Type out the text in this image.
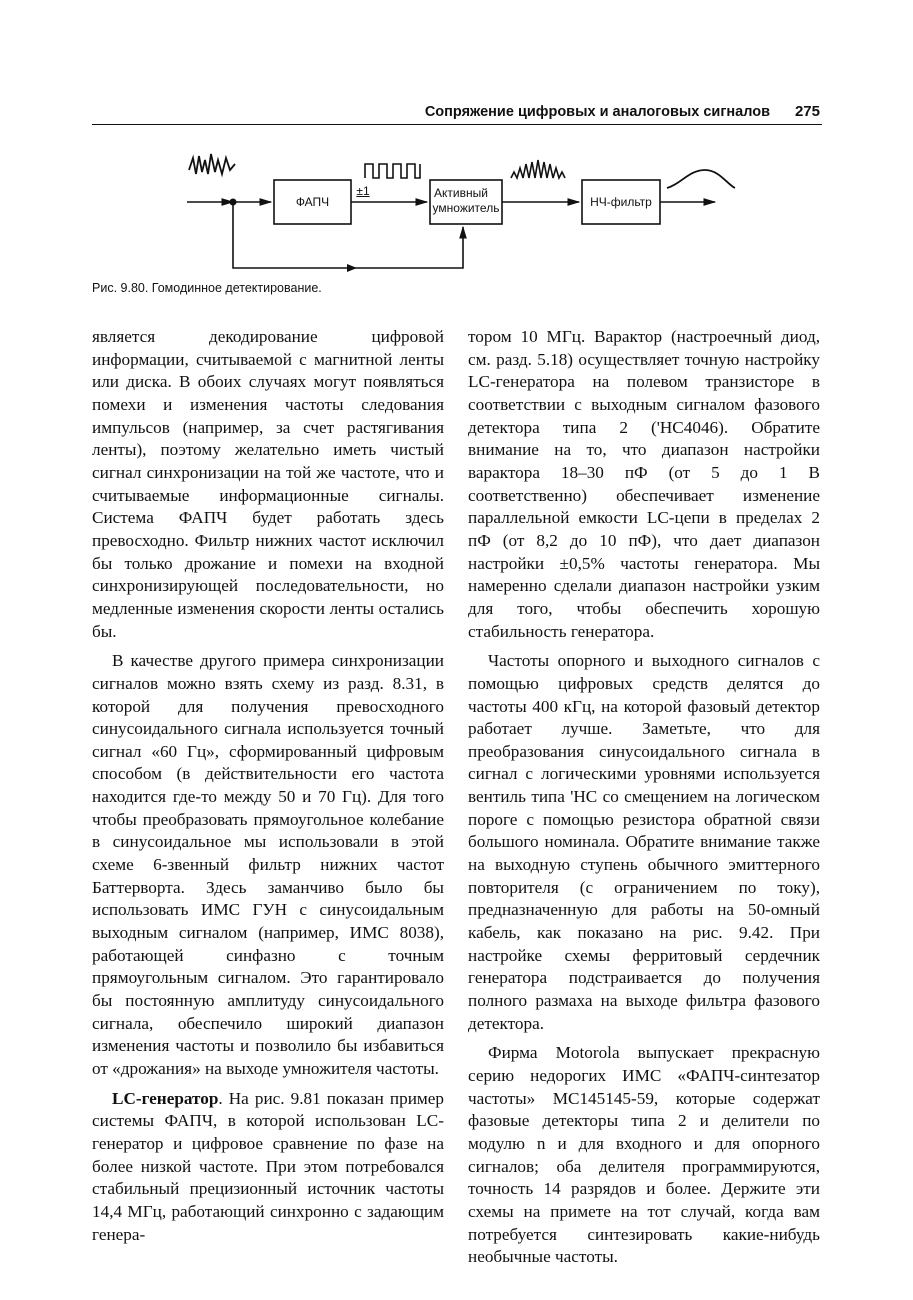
Сопряжение цифровых и аналоговых сигналов 275
ФАПЧ
±1	Активный
умножитель	НЧ-фильтр
Рис. 9.80. Гомодинное детектирование.

является декодирование цифровой информации, считываемой с магнитной ленты или диска. В обоих случаях могут появляться помехи и изменения частоты следования импульсов (например, за счет растягивания ленты), поэтому желательно иметь чистый сигнал синхронизации на той же частоте, что и считываемые информационные сигналы. Система ФАПЧ будет работать здесь превосходно. Фильтр нижних частот исключил бы только дрожание и помехи на входной синхронизирующей последовательности, но медленные изменения скорости ленты остались бы.

В качестве другого примера синхронизации сигналов можно взять схему из разд. 8.31, в которой для получения превосходного синусоидального сигнала используется точный сигнал «60 Гц», сформированный цифровым способом (в действительности его частота находится где-то между 50 и 70 Гц). Для того чтобы преобразовать прямоугольное колебание в синусоидальное мы использовали в этой схеме 6-звенный фильтр нижних частот Баттерворта. Здесь заманчиво было бы использовать ИМС ГУН с синусоидальным выходным сигналом (например, ИМС 8038), работающей синфазно с точным прямоугольным сигналом. Это гарантировало бы постоянную амплитуду синусоидального сигнала, обеспечило широкий диапазон изменения частоты и позволило бы избавиться от «дрожания» на выходе умножителя частоты.

LC-генератор. На рис. 9.81 показан пример системы ФАПЧ, в которой использован LC-генератор и цифровое сравнение по фазе на более низкой частоте. При этом потребовался стабильный прецизионный источник частоты 14,4 МГц, работающий синхронно с задающим генера-

тором 10 МГц. Варактор (настроечный диод, см. разд. 5.18) осуществляет точную настройку LC-генератора на полевом транзисторе в соответствии с выходным сигналом фазового детектора типа 2 ('HC4046). Обратите внимание на то, что диапазон настройки варактора 18–30 пФ (от 5 до 1 В соответственно) обеспечивает изменение параллельной емкости LC-цепи в пределах 2 пФ (от 8,2 до 10 пФ), что дает диапазон настройки ±0,5% частоты генератора. Мы намеренно сделали диапазон настройки узким для того, чтобы обеспечить хорошую стабильность генератора.

Частоты опорного и выходного сигналов с помощью цифровых средств делятся до частоты 400 кГц, на которой фазовый детектор работает лучше. Заметьте, что для преобразования синусоидального сигнала в сигнал с логическими уровнями используется вентиль типа 'HC со смещением на логическом пороге с помощью резистора обратной связи большого номинала. Обратите внимание также на выходную ступень обычного эмиттерного повторителя (с ограничением по току), предназначенную для работы на 50-омный кабель, как показано на рис. 9.42. При настройке схемы ферритовый сердечник генератора подстраивается до получения полного размаха на выходе фильтра фазового детектора.

Фирма Motorola выпускает прекрасную серию недорогих ИМС «ФАПЧ-синтезатор частоты» MC145145-59, которые содержат фазовые детекторы типа 2 и делители по модулю n и для входного и для опорного сигналов; оба делителя программируются, точность 14 разрядов и более. Держите эти схемы на примете на тот случай, когда вам потребуется синтезировать какие-нибудь необычные частоты.
